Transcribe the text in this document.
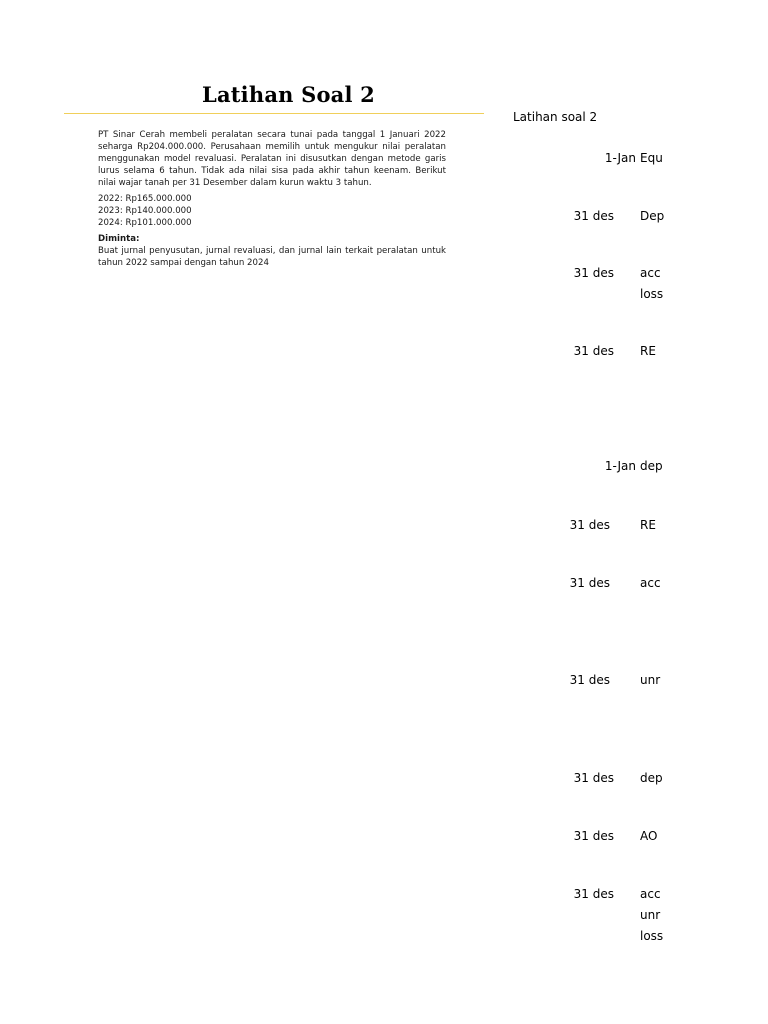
Latihan Soal 2

PT Sinar Cerah membeli peralatan secara tunai pada tanggal 1 Januari 2022 seharga Rp204.000.000. Perusahaan memilih untuk mengukur nilai peralatan menggunakan model revaluasi. Peralatan ini disusutkan dengan metode garis lurus selama 6 tahun. Tidak ada nilai sisa pada akhir tahun keenam. Berikut nilai wajar tanah per 31 Desember dalam kurun waktu 3 tahun.

2022: Rp165.000.000

2023: Rp140.000.000

2024: Rp101.000.000

Diminta:

Buat jurnal penyusutan, jurnal revaluasi, dan jurnal lain terkait peralatan untuk tahun 2022 sampai dengan tahun 2024

Latihan soal 2
Equ
Dep
acc
loss
RE
dep
RE
acc
unr
dep
AO
acc
unr
loss
1-Jan
31 des
31 des
31 des
1-Jan
31 des
31 des
31 des
31 des
31 des
31 des
